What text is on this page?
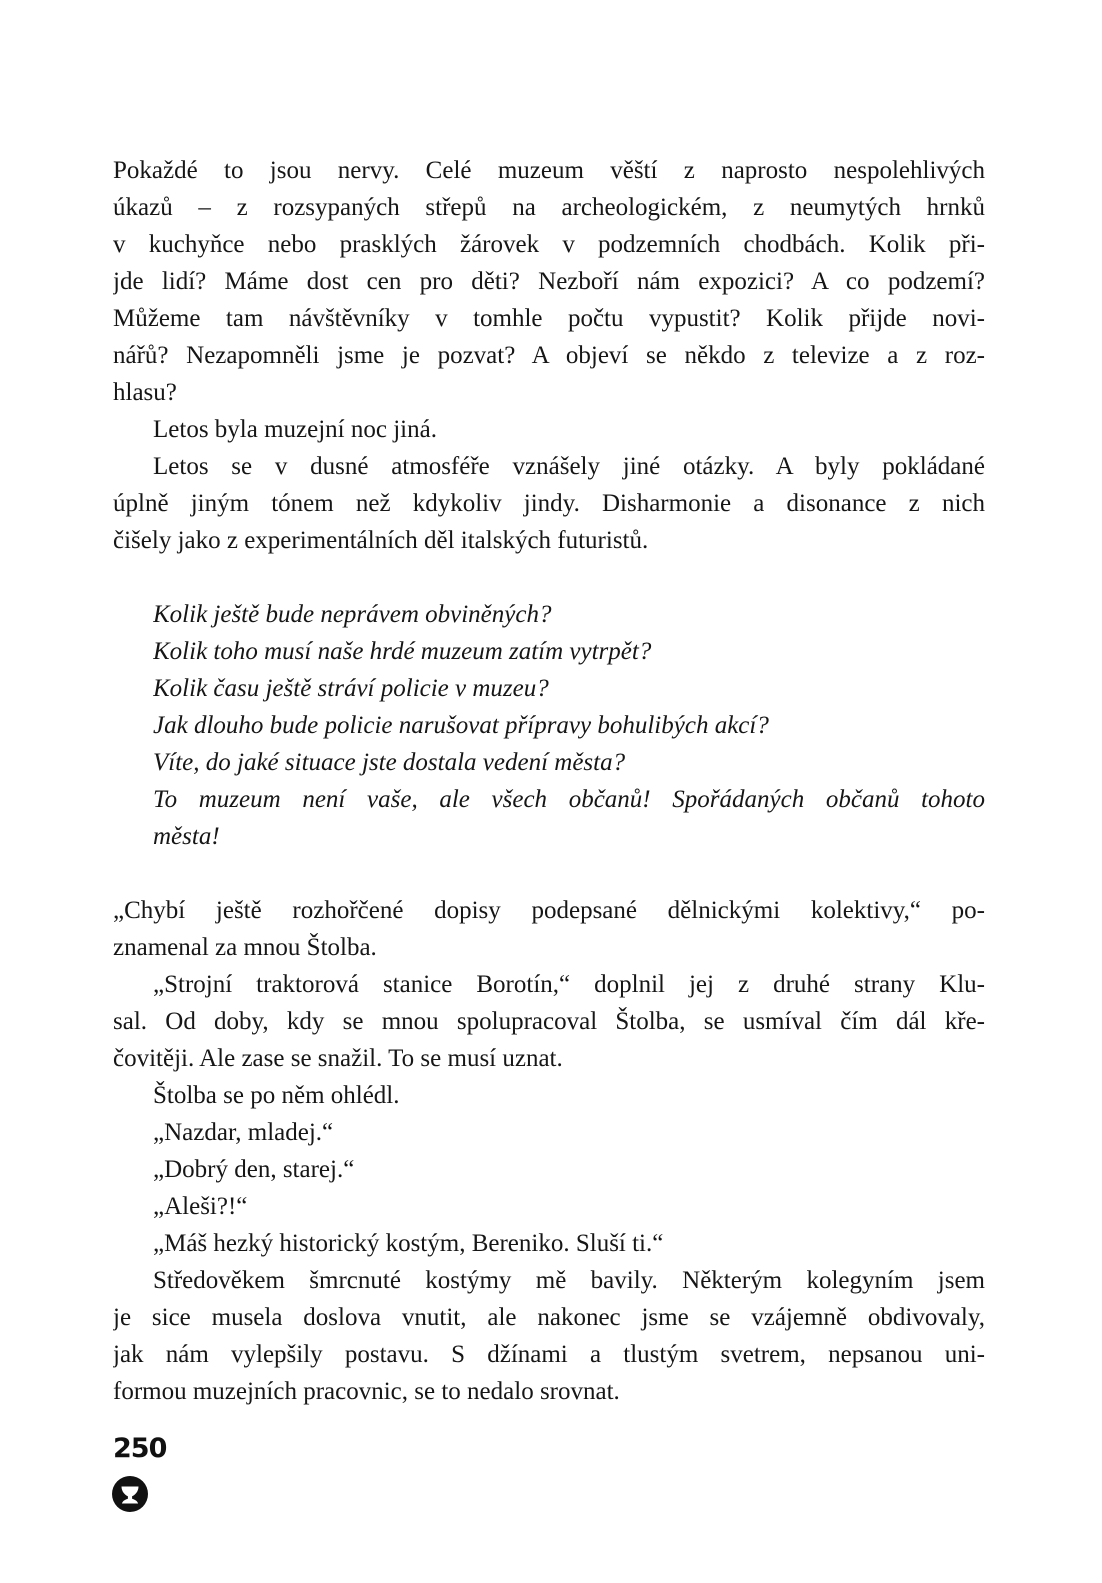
Pokaždé to jsou nervy. Celé muzeum věští z naprosto nespolehlivých
úkazů – z rozsypaných střepů na archeologickém, z neumytých hrnků
v kuchyňce nebo prasklých žárovek v podzemních chodbách. Kolik při-
jde lidí? Máme dost cen pro děti? Nezboří nám expozici? A co podzemí?
Můžeme tam návštěvníky v tomhle počtu vypustit? Kolik přijde novi-
nářů? Nezapomněli jsme je pozvat? A objeví se někdo z televize a z roz-
hlasu?
Letos byla muzejní noc jiná.
Letos se v dusné atmosféře vznášely jiné otázky. A byly pokládané
úplně jiným tónem než kdykoliv jindy. Disharmonie a disonance z nich
čišely jako z experimentálních děl italských futuristů.
Kolik ještě bude neprávem obviněných?
Kolik toho musí naše hrdé muzeum zatím vytrpět?
Kolik času ještě stráví policie v muzeu?
Jak dlouho bude policie narušovat přípravy bohulibých akcí?
Víte, do jaké situace jste dostala vedení města?
To muzeum není vaše, ale všech občanů! Spořádaných občanů tohoto
města!
„Chybí ještě rozhořčené dopisy podepsané dělnickými kolektivy,“ po-
znamenal za mnou Štolba.
„Strojní traktorová stanice Borotín,“ doplnil jej z druhé strany Klu-
sal. Od doby, kdy se mnou spolupracoval Štolba, se usmíval čím dál kře-
čovitěji. Ale zase se snažil. To se musí uznat.
Štolba se po něm ohlédl.
„Nazdar, mladej.“
„Dobrý den, starej.“
„Aleši?!“
„Máš hezký historický kostým, Bereniko. Sluší ti.“
Středověkem šmrcnuté kostýmy mě bavily. Některým kolegyním jsem
je sice musela doslova vnutit, ale nakonec jsme se vzájemně obdivovaly,
jak nám vylepšily postavu. S džínami a tlustým svetrem, nepsanou uni-
formou muzejních pracovnic, se to nedalo srovnat.
250
